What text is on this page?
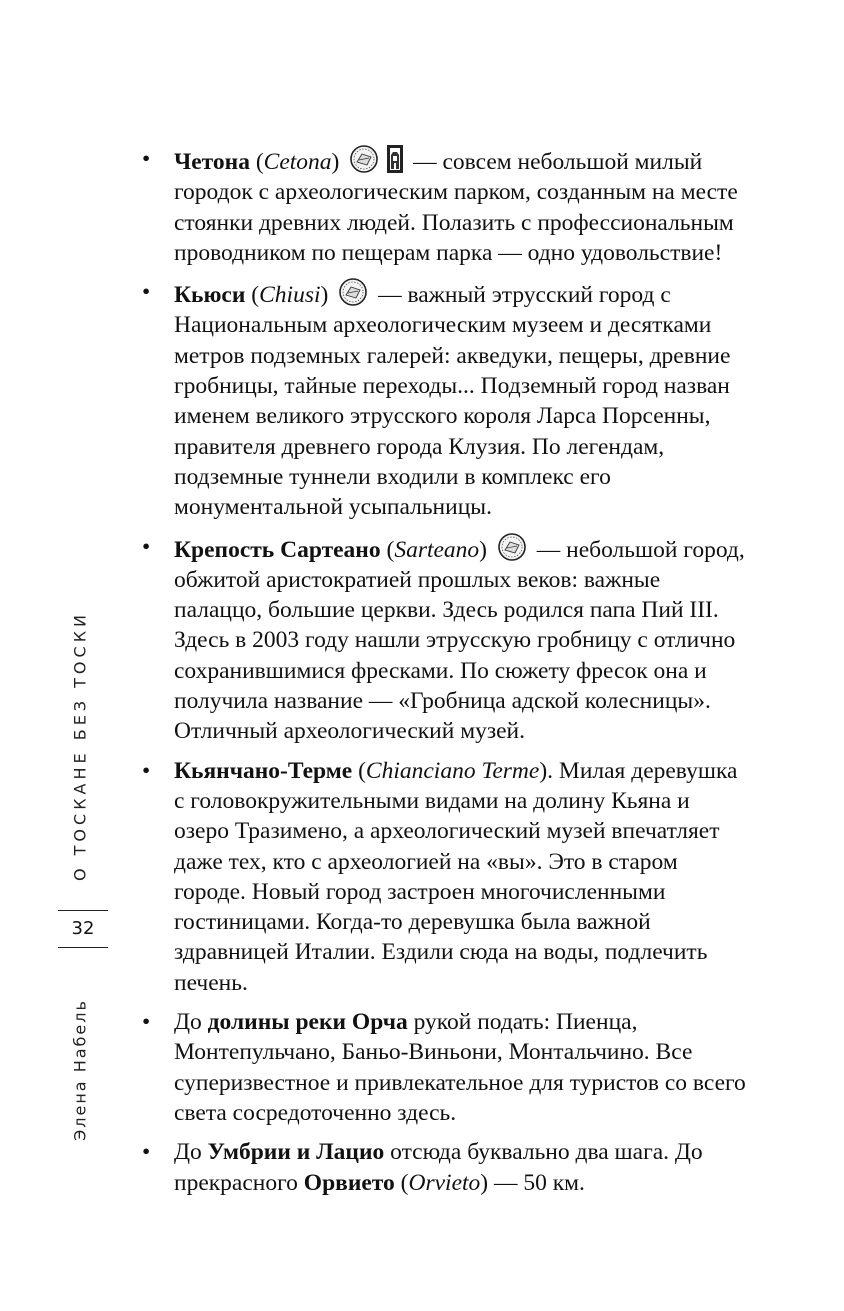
О ТОСКАНЕ БЕЗ ТОСКИ
32
Элена Набель
• Четона (Cetona)	— совсем небольшой милый городок с археологическим парком, созданным на месте стоянки древних людей. Полазить с профессиональным проводником по пещерам парка — одно удовольствие!
• Кьюси (Chiusi)
— важный этрусский город с Национальным археологическим музеем и десятками метров подземных галерей: акведуки, пещеры, древние гробницы, тайные переходы... Подземный город назван именем великого этрусского короля Ларса Порсенны, правителя древнего города Клузия. По легендам, подземные туннели входили в комплекс его монументальной усыпальницы.
• Крепость Сартеано (Sarteano)
— небольшой город, обжитой аристократией прошлых веков: важные палаццо, большие церкви. Здесь родился папа Пий III. Здесь в 2003 году нашли этрусскую гробницу с отлично сохранившимися фресками. По сюжету фресок она и получила название — «Гробница адской колесницы». Отличный археологический музей.
• Кьянчано-Терме (Chianciano Terme). Милая деревушка с головокружительными видами на долину Кьяна и озеро Тразимено, а археологический музей впечатляет даже тех, кто с археологией на «вы». Это в старом городе. Новый город застроен многочисленными гостиницами. Когда-то деревушка была важной здравницей Италии. Ездили сюда на воды, подлечить печень.
• До долины реки Орча рукой подать: Пиенца, Монтепульчано, Баньо-Виньони, Монтальчино. Все суперизвестное и привлекательное для туристов со всего света сосредоточенно здесь.
• До Умбрии и Лацио отсюда буквально два шага. До прекрасного Орвието (Orvieto) — 50 км.
